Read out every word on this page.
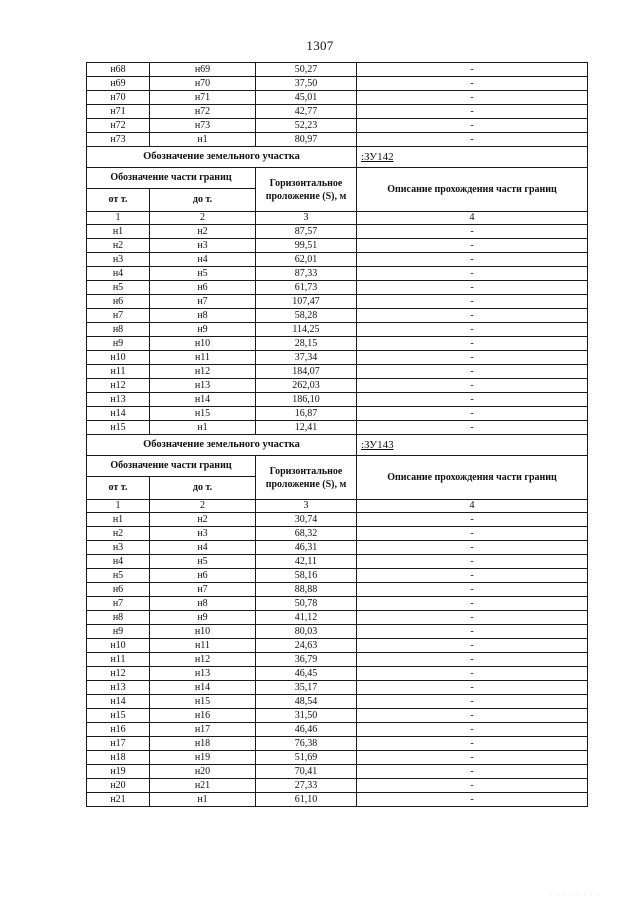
1307
н68	н69	50,27	-
н69	н70	37,50	-
н70	н71	45,01	-
н71	н72	42,77	-
н72	н73	52,23	-
н73	н1	80,97	-
Обозначение земельного участка			:ЗУ142
Обозначение части границ		Горизонтальное проложение (S), м	Описание прохождения части границ
от т.	до т.		
1	2	3	4
н1	н2	87,57	-
н2	н3	99,51	-
н3	н4	62,01	-
н4	н5	87,33	-
н5	н6	61,73	-
н6	н7	107,47	-
н7	н8	58,28	-
н8	н9	114,25	-
н9	н10	28,15	-
н10	н11	37,34	-
н11	н12	184,07	-
н12	н13	262,03	-
н13	н14	186,10	-
н14	н15	16,87	-
н15	н1	12,41	-
Обозначение земельного участка			:ЗУ143
Обозначение части границ		Горизонтальное проложение (S), м	Описание прохождения части границ
от т.	до т.		
1	2	3	4
н1	н2	30,74	-
н2	н3	68,32	-
н3	н4	46,31	-
н4	н5	42,11	-
н5	н6	58,16	-
н6	н7	88,88	-
н7	н8	50,78	-
н8	н9	41,12	-
н9	н10	80,03	-
н10	н11	24,63	-
н11	н12	36,79	-
н12	н13	46,45	-
н13	н14	35,17	-
н14	н15	48,54	-
н15	н16	31,50	-
н16	н17	46,46	-
н17	н18	76,38	-
н18	н19	51,69	-
н19	н20	70,41	-
н20	н21	27,33	-
н21	н1	61,10	-
· · · · · · · ·
